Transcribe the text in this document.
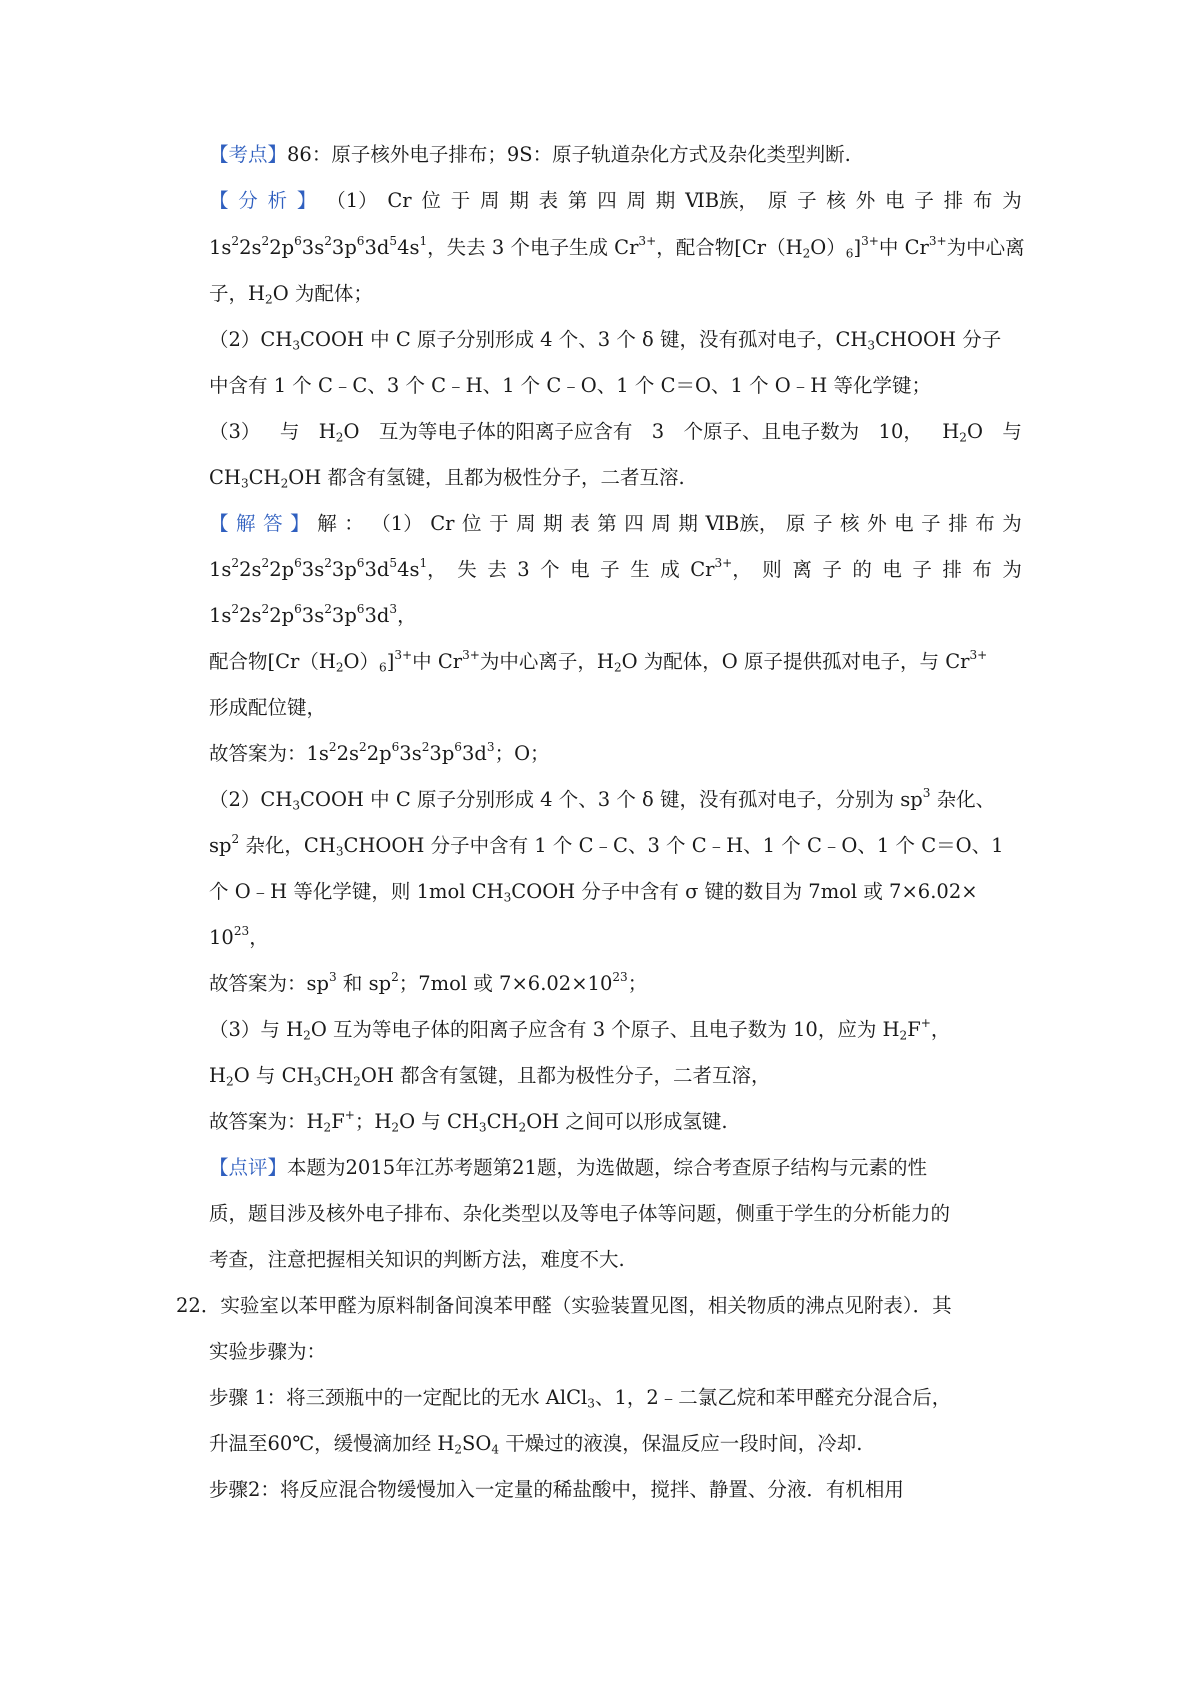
【考点】86：原子核外电子排布；9S：原子轨道杂化方式及杂化类型判断.
【 分 析 】 （1） Cr 位 于 周 期 表 第 四 周 期 ⅥB族， 原 子 核 外 电 子 排 布 为
$1s^22s^22p^63s^23p^63d^54s^1$，失去 3 个电子生成 $Cr^{3+}$，配合物$[Cr(H_2O)_6]^{3+}$中 $Cr^{3+}$为中心离
子，$H_2O$ 为配体；
$(2)CH_3COOH$ 中 C 原子分别形成 4 个、3 个 δ 键，没有孤对电子，$CH_3CHOOH$ 分子
中含有 1 个 C﹣C、3 个 C﹣H、1 个 C﹣O、1 个 C＝O、1 个 O﹣H 等化学键；
（3） 与 $H_2O$ 互为等电子体的阳离子应含有 3 个原子、且电子数为 10， $H_2O$ 与
$CH_3CH_2OH$ 都含有氢键，且都为极性分子，二者互溶.
【 解 答 】 解 ： （1） Cr 位 于 周 期 表 第 四 周 期 ⅥB族， 原 子 核 外 电 子 排 布 为
$1s^22s^22p^63s^23p^63d^54s^1$， 失 去 3 个 电 子 生 成 $Cr^{3+}$， 则 离 子 的 电 子 排 布 为
$1s^22s^22p^63s^23p^63d^3$，
配合物$[Cr(H_2O)_6]^{3+}$中 $Cr^{3+}$为中心离子，$H_2O$ 为配体，O 原子提供孤对电子，与 $Cr^{3+}$
形成配位键，
故答案为：$1s^22s^22p^63s^23p^63d^3$；O；
$(2)CH_3COOH$ 中 C 原子分别形成 4 个、3 个 δ 键，没有孤对电子，分别为 $sp^3$ 杂化、
$sp^2$ 杂化，$CH_3CHOOH$ 分子中含有 1 个 C﹣C、3 个 C﹣H、1 个 C﹣O、1 个 C＝O、1
个 O﹣H 等化学键，则 1mol $CH_3COOH$ 分子中含有 σ 键的数目为 7mol 或 7×6.02×
$10^{23}$，
故答案为：$sp^3$ 和 $sp^2$；7mol 或 $7\times 6.02\times 10^{23}$；
（3）与 $H_2O$ 互为等电子体的阳离子应含有 3 个原子、且电子数为 10，应为 $H_2F^+$，
$H_2O$ 与 $CH_3CH_2OH$ 都含有氢键，且都为极性分子，二者互溶，
故答案为：$H_2F^+$；$H_2O$ 与 $CH_3CH_2OH$ 之间可以形成氢键.
【点评】本题为2015年江苏考题第21题，为选做题，综合考查原子结构与元素的性
质，题目涉及核外电子排布、杂化类型以及等电子体等问题，侧重于学生的分析能力的
考查，注意把握相关知识的判断方法，难度不大.
22．实验室以苯甲醛为原料制备间溴苯甲醛（实验装置见图，相关物质的沸点见附表）．其
实验步骤为：
步骤 1：将三颈瓶中的一定配比的无水 AlCl$_3$、1，2﹣二氯乙烷和苯甲醛充分混合后，
升温至60℃，缓慢滴加经 $H_2SO_4$ 干燥过的液溴，保温反应一段时间，冷却.
步骤2：将反应混合物缓慢加入一定量的稀盐酸中，搅拌、静置、分液．有机相用
